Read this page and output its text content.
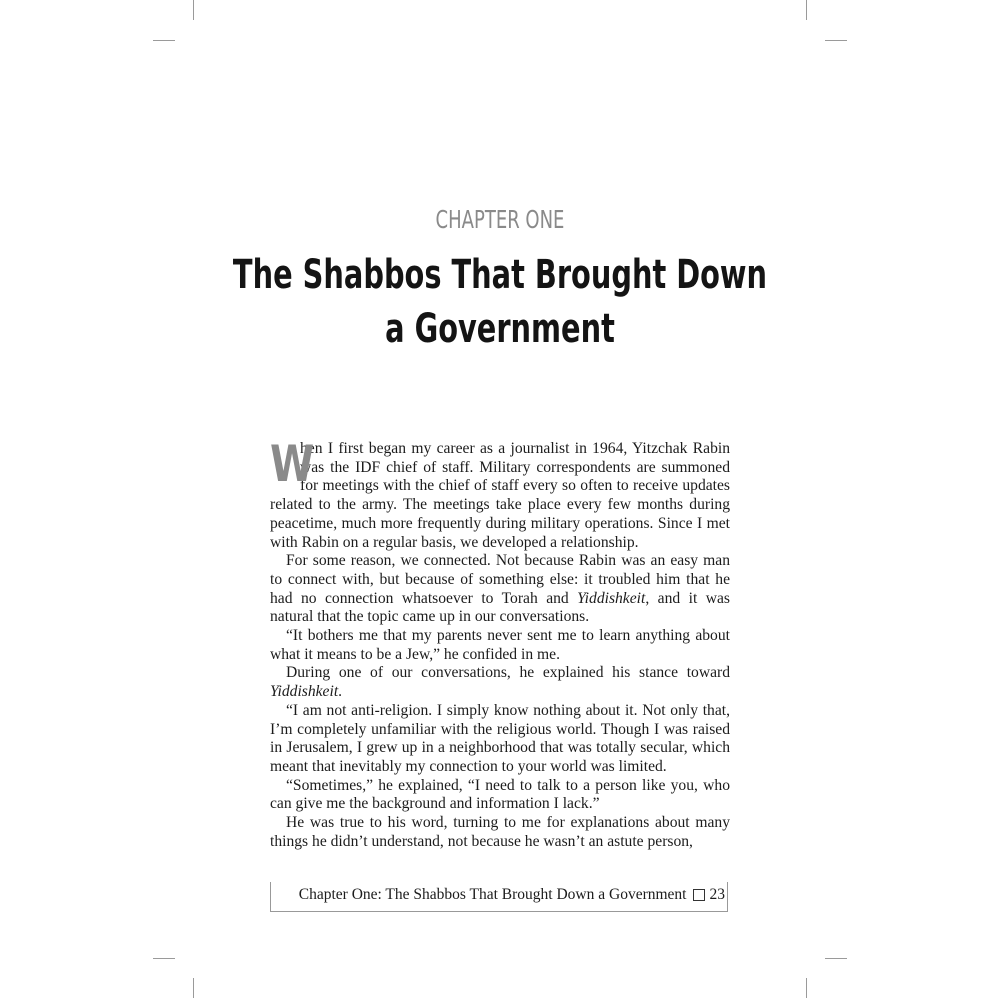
CHAPTER ONE
The Shabbos That Brought Down
a Government

W
hen I first began my career as a journalist in 1964, Yitzchak Rabin was the IDF chief of staff. Military correspondents are summoned for meetings with the chief of staff every so often to receive updates related to the army. The meetings take place every few months during peacetime, much more frequently during military operations. Since I met with Rabin on a regular basis, we developed a relationship.

For some reason, we connected. Not because Rabin was an easy man to connect with, but because of something else: it troubled him that he had no connection whatsoever to Torah and Yiddishkeit, and it was natural that the topic came up in our conversations.

“It bothers me that my parents never sent me to learn anything about what it means to be a Jew,” he confided in me.

During one of our conversations, he explained his stance toward Yiddishkeit.

“I am not anti-religion. I simply know nothing about it. Not only that, I’m completely unfamiliar with the religious world. Though I was raised in Jerusalem, I grew up in a neighborhood that was totally secular, which meant that inevitably my connection to your world was limited.

“Sometimes,” he explained, “I need to talk to a person like you, who can give me the background and information I lack.”

He was true to his word, turning to me for explanations about many things he didn’t understand, not because he wasn’t an astute person,

Chapter One: The Shabbos That Brought Down a Government 23
